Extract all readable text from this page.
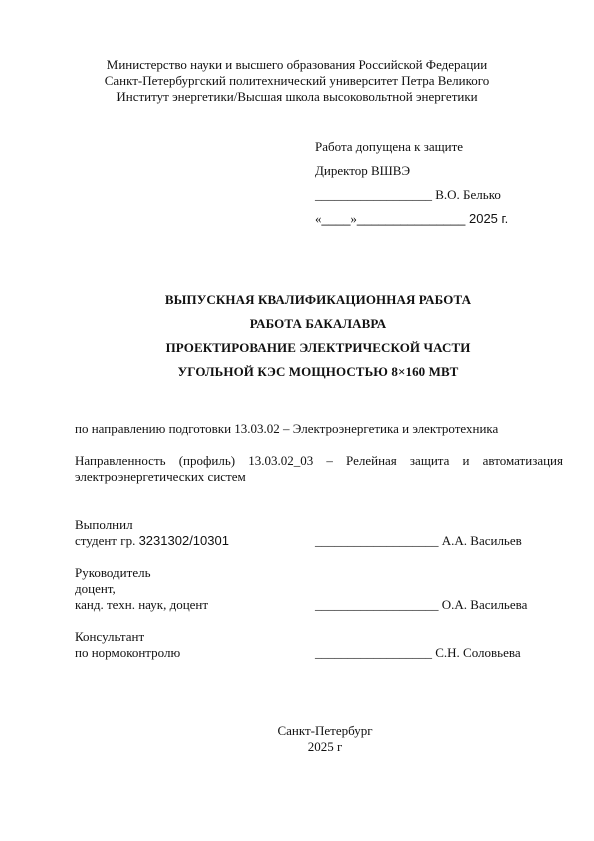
Министерство науки и высшего образования Российской Федерации
Санкт-Петербургский политехнический университет Петра Великого
Институт энергетики/Высшая школа высоковольтной энергетики
Работа допущена к защите
Директор ВШВЭ
__________________ В.О. Белько
«____»_______________ 2025 г.
ВЫПУСКНАЯ КВАЛИФИКАЦИОННАЯ РАБОТА
РАБОТА БАКАЛАВРА
ПРОЕКТИРОВАНИЕ ЭЛЕКТРИЧЕСКОЙ ЧАСТИ
УГОЛЬНОЙ КЭС МОЩНОСТЬЮ 8×160 МВТ
по направлению подготовки 13.03.02 – Электроэнергетика и электротехника
Направленность (профиль) 13.03.02_03 – Релейная защита и автоматизация
электроэнергетических систем
Выполнил
студент гр. 3231302/10301	___________________ А.А. Васильев
Руководитель
доцент,
канд. техн. наук, доцент	___________________ О.А. Васильева
Консультант
по нормоконтролю	__________________ С.Н. Соловьева
Санкт-Петербург
2025 г
